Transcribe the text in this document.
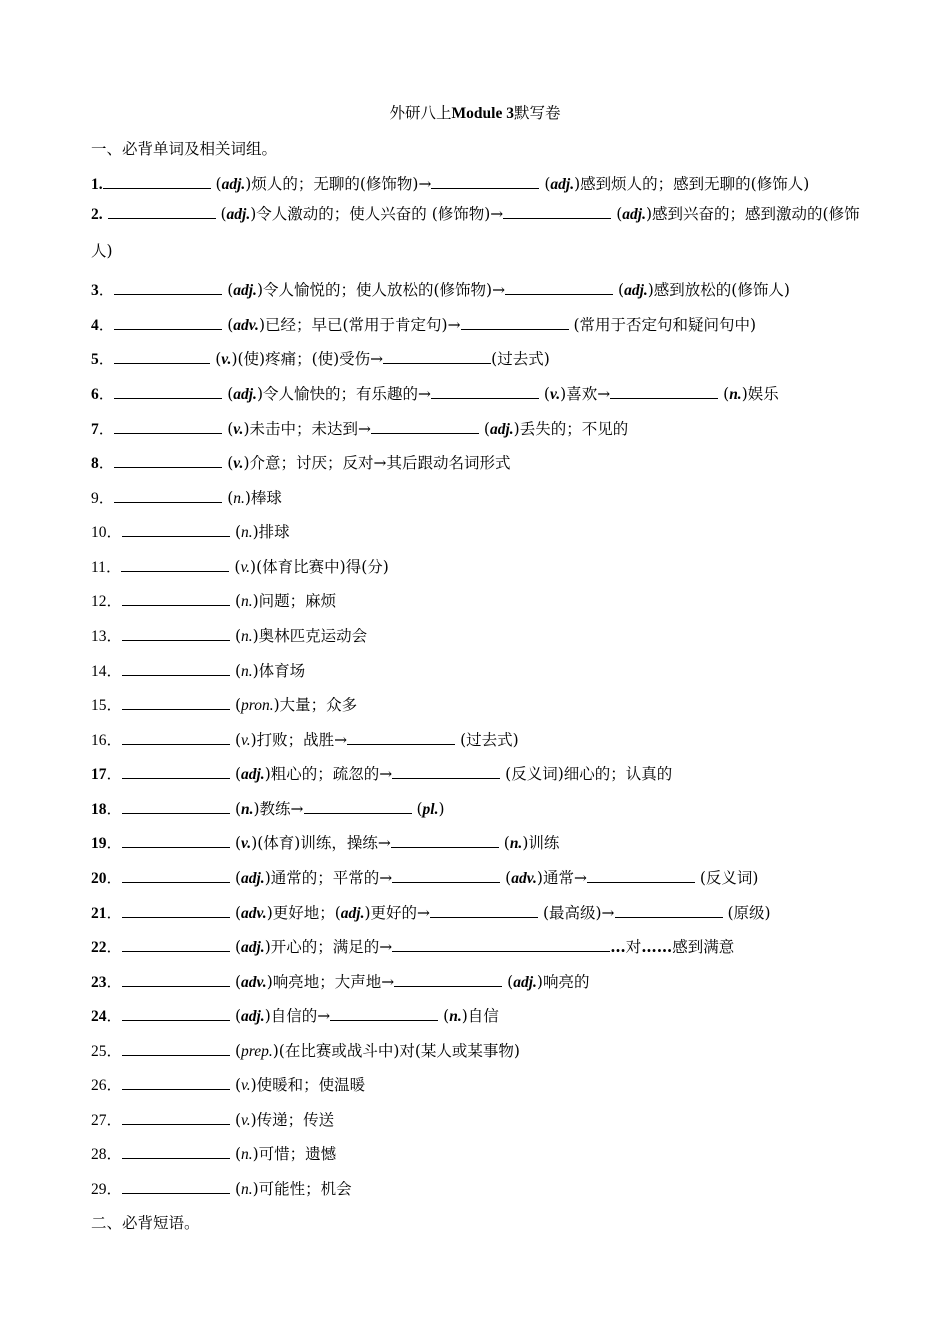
外研八上Module 3默写卷
一、必背单词及相关词组。
1.	(adj.)烦人的；无聊的(修饰物)→	(adj.)感到烦人的；感到无聊的(修饰人)
2.	(adj.)令人激动的；使人兴奋的 (修饰物)→	(adj.)感到兴奋的；感到激动的(修饰人)
3．	(adj.)令人愉悦的；使人放松的(修饰物)→	(adj.)感到放松的(修饰人)
4．	(adv.)已经；早已(常用于肯定句)→	(常用于否定句和疑问句中)
5．	(v.)(使)疼痛；(使)受伤→	(过去式)
6．	(adj.)令人愉快的；有乐趣的→	(v.)喜欢→	(n.)娱乐
7．	(v.)未击中；未达到→	(adj.)丢失的；不见的
8．	(v.)介意；讨厌；反对→其后跟动名词形式
9．	(n.)棒球
10．	(n.)排球
11．	(v.)(体育比赛中)得(分)
12．	(n.)问题；麻烦
13．	(n.)奥林匹克运动会
14．	(n.)体育场
15．	(pron.)大量；众多
16．	(v.)打败；战胜→	(过去式)
17．	(adj.)粗心的；疏忽的→	(反义词)细心的；认真的
18．	(n.)教练→	(pl.)
19．	(v.)(体育)训练，操练→	(n.)训练
20．	(adj.)通常的；平常的→	(adv.)通常→	(反义词)
21．	(adv.)更好地；(adj.)更好的→	(最高级)→	(原级)
22．	(adj.)开心的；满足的→	…对……感到满意
23．	(adv.)响亮地；大声地→	(adj.)响亮的
24．	(adj.)自信的→	(n.)自信
25．	(prep.)(在比赛或战斗中)对(某人或某事物)
26．	(v.)使暖和；使温暖
27．	(v.)传递；传送
28．	(n.)可惜；遗憾
29．	(n.)可能性；机会
二、必背短语。
